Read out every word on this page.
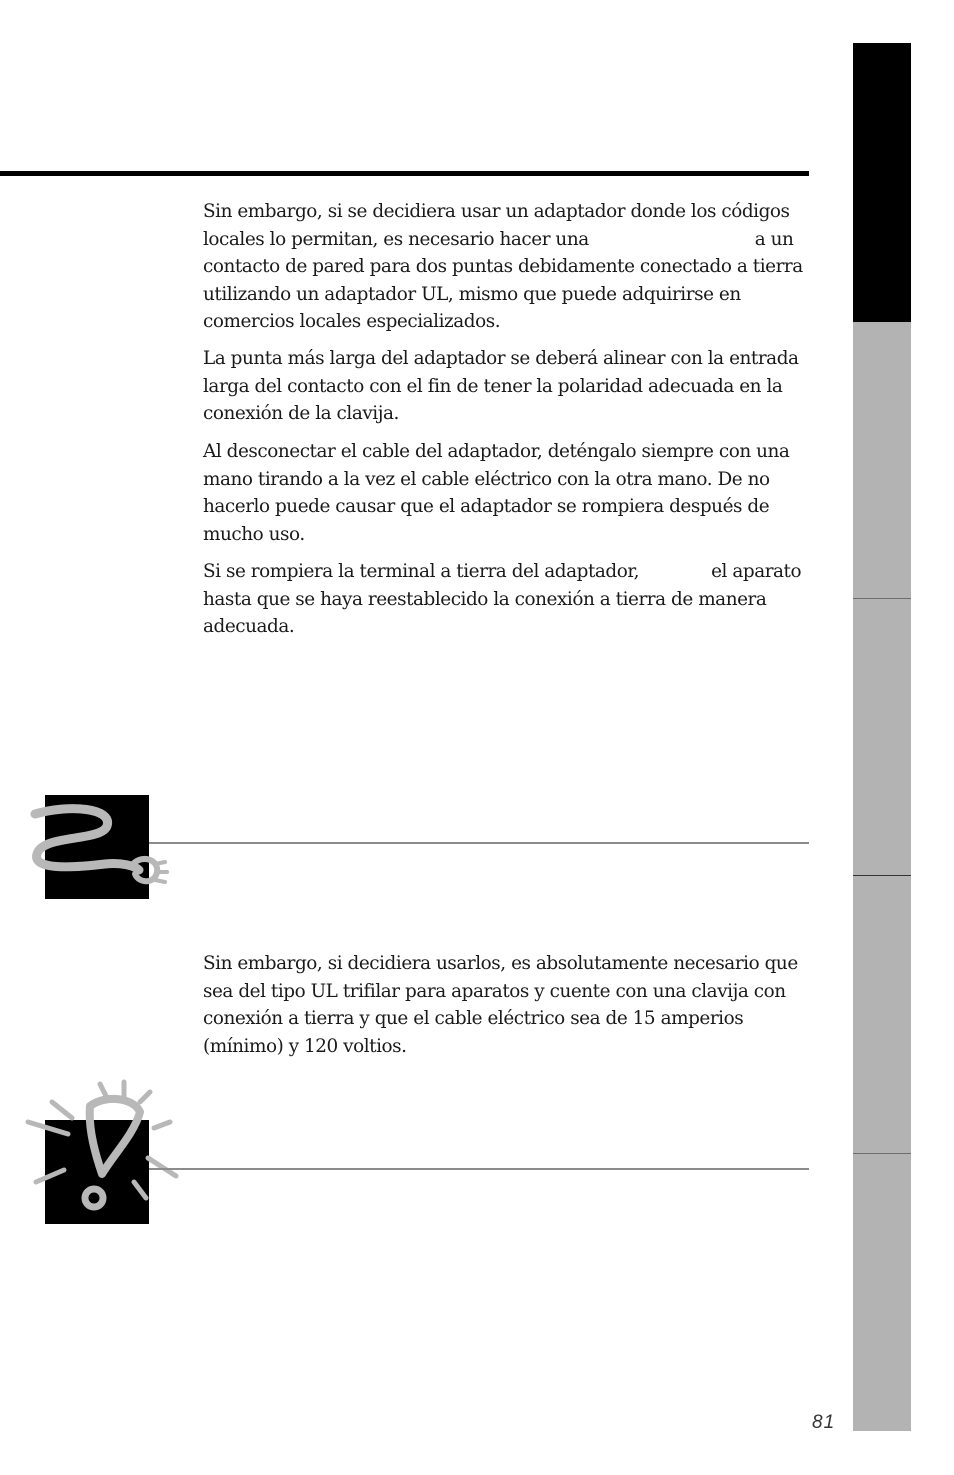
Sin embargo, si se decidiera usar un adaptador donde los códigos
locales lo permitan, es necesario hacer una	a un
contacto de pared para dos puntas debidamente conectado a tierra
utilizando un adaptador UL, mismo que puede adquirirse en
comercios locales especializados.

La punta más larga del adaptador se deberá alinear con la entrada
larga del contacto con el fin de tener la polaridad adecuada en la
conexión de la clavija.

Al desconectar el cable del adaptador, deténgalo siempre con una
mano tirando a la vez el cable eléctrico con la otra mano. De no
hacerlo puede causar que el adaptador se rompiera después de
mucho uso.

Si se rompiera la terminal a tierra del adaptador,	el aparato
hasta que se haya reestablecido la conexión a tierra de manera
adecuada.

Sin embargo, si decidiera usarlos, es absolutamente necesario que
sea del tipo UL trifilar para aparatos y cuente con una clavija con
conexión a tierra y que el cable eléctrico sea de 15 amperios
(mínimo) y 120 voltios.

81
